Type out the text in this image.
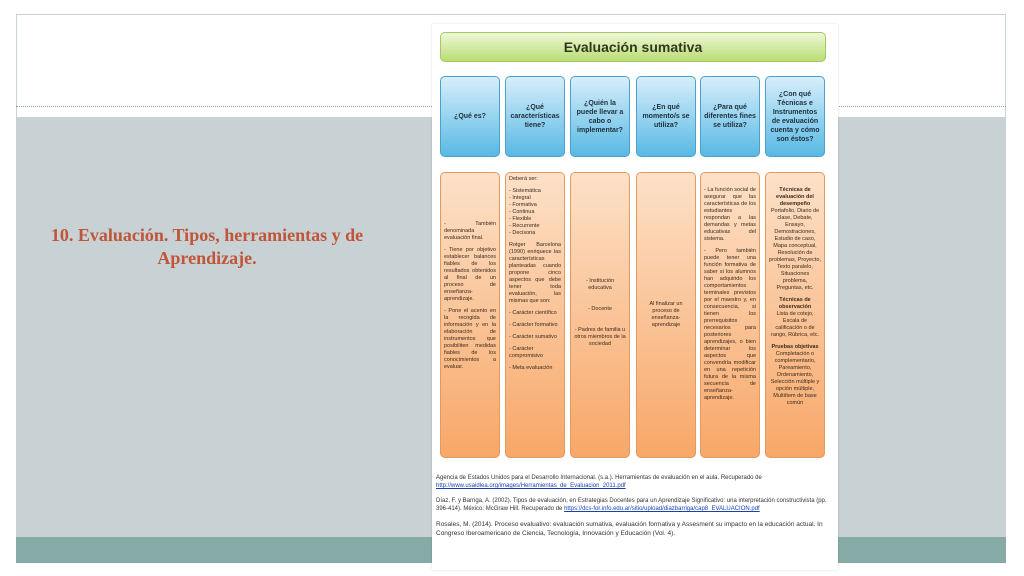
10. Evaluación. Tipos, herramientas y de Aprendizaje.
Evaluación sumativa
¿Qué es?
¿Qué características tiene?
¿Quién la puede llevar a cabo o implementar?
¿En qué momento/s se utiliza?
¿Para qué diferentes fines se utiliza?
¿Con qué Técnicas e Instrumentos de evaluación cuenta y cómo son éstos?
- También denominada evaluación final.
- Tiene por objetivo establecer balances fiables de los resultados obtenidos al final de un proceso de enseñanza-aprendizaje.
- Pone el acento en la recogida de información y en la elaboración de instrumentos que posibiliten medidas fiables de los conocimientos a evaluar.
Deberá ser:
- Sistemática
- Integral
- Formativa
- Continua
- Flexible
- Recurrente
- Decisoria
Rotger Barcelona (1990) enriquece las características planteadas cuando propone cinco aspectos que debe tener toda evaluación, las mismas que son:
- Carácter científico
- Carácter formativo
- Carácter sumativo
- Carácter compromisivo
- Meta evaluación
- Institución educativa
- Docente
- Padres de familia u otros miembros de la sociedad
Al finalizar un proceso de enseñanza-aprendizaje
- La función social de asegurar que las características de los estudiantes respondan a las demandas y metas educativas del sistema.
- Pero también puede tener una función formativa de saber si los alumnos han adquirido los comportamientos terminales previstos por el maestro y, en consecuencia, si tienen los prerrequisitos necesarios para posteriores aprendizajes, o bien determinar los aspectos que convendría modificar en una repetición futura de la misma secuencia de enseñanza-aprendizaje.
Técnicas de evaluación del desempeño
Portafolio, Diario de clase, Debate, Ensayo, Demostraciones, Estudio de caso, Mapa conceptual, Resolución de problemas, Proyecto, Texto paralelo, Situaciones problema, Preguntas, etc.
Técnicas de observación
Lista de cotejo, Escala de calificación o de rango, Rúbrica, etc.
Pruebas objetivas
Completación o complementario, Pareamiento, Ordenamiento, Selección múltiple y opción múltiple, Multiítem de base común
Agencia de Estados Unidos para el Desarrollo Internacional. (s.a.). Herramientas de evaluación en el aula. Recuperado de http://www.usaidlea.org/images/Herramientas_de_Evaluacion_2011.pdf
Díaz, F. y Barriga, A. (2002). Tipos de evaluación, en Estrategias Docentes para un Aprendizaje Significativo: una interpretación constructivista (pp. 396-414). México: McGraw Hill. Recuperado de https://dcs-for.info.edu.ar/sitio/upload/diazbarriga/cap8_EVALUACION.pdf
Rosales, M. (2014). Proceso evaluativo: evaluación sumativa, evaluación formativa y Assesment su impacto en la educación actual. In Congreso Iberoamericano de Ciencia, Tecnología, Innovación y Educación (Vol. 4).
